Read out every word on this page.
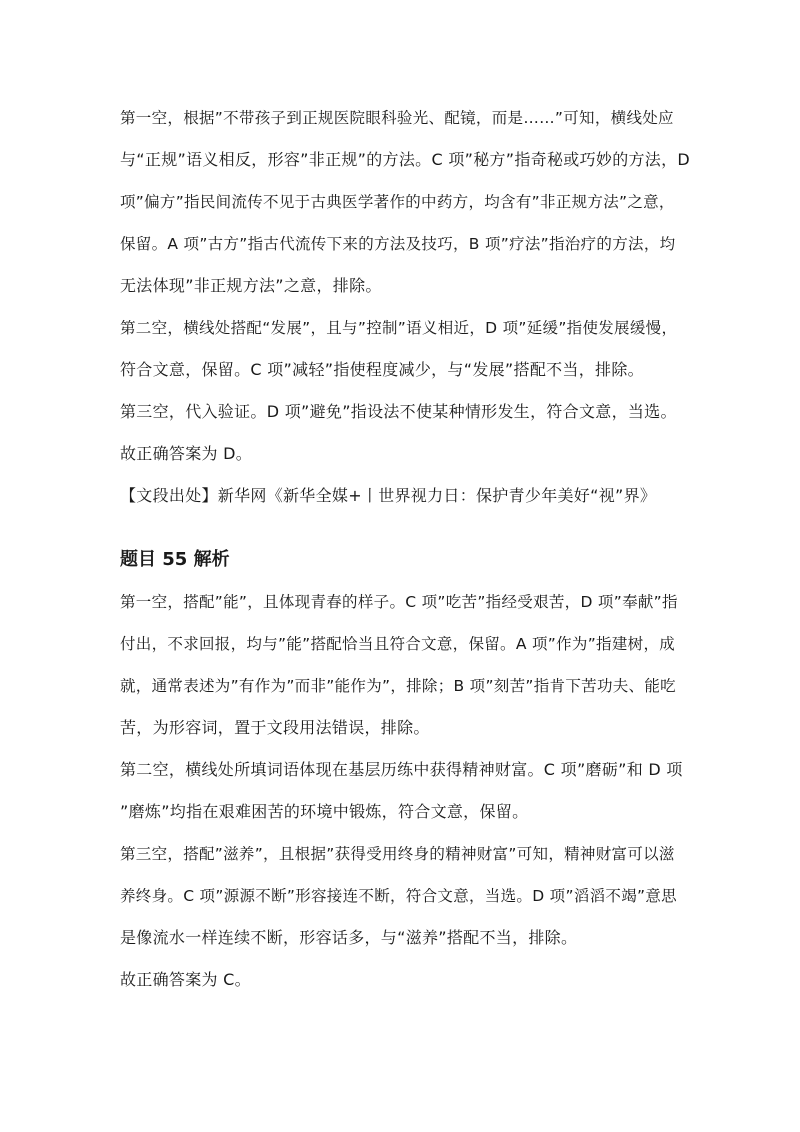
第一空，根据”不带孩子到正规医院眼科验光、配镜，而是……”可知，横线处应
与“正规”语义相反，形容”非正规”的方法。C 项”秘方”指奇秘或巧妙的方法，D
项”偏方”指民间流传不见于古典医学著作的中药方，均含有”非正规方法”之意，
保留。A 项”古方”指古代流传下来的方法及技巧，B 项”疗法”指治疗的方法，均
无法体现”非正规方法”之意，排除。
第二空，横线处搭配“发展”，且与”控制”语义相近，D 项”延缓”指使发展缓慢，
符合文意，保留。C 项”减轻”指使程度减少，与“发展”搭配不当，排除。
第三空，代入验证。D 项”避免”指设法不使某种情形发生，符合文意，当选。
故正确答案为 D。
【文段出处】新华网《新华全媒+丨世界视力日：保护青少年美好“视”界》
题目 55 解析
第一空，搭配”能”，且体现青春的样子。C 项”吃苦”指经受艰苦，D 项”奉献”指
付出，不求回报，均与”能”搭配恰当且符合文意，保留。A 项”作为”指建树，成
就，通常表述为”有作为”而非”能作为”，排除；B 项”刻苦”指肯下苦功夫、能吃
苦，为形容词，置于文段用法错误，排除。
第二空，横线处所填词语体现在基层历练中获得精神财富。C 项”磨砺”和 D 项
”磨炼”均指在艰难困苦的环境中锻炼，符合文意，保留。
第三空，搭配”滋养”，且根据”获得受用终身的精神财富”可知，精神财富可以滋
养终身。C 项”源源不断”形容接连不断，符合文意，当选。D 项”滔滔不竭”意思
是像流水一样连续不断，形容话多，与“滋养”搭配不当，排除。
故正确答案为 C。
